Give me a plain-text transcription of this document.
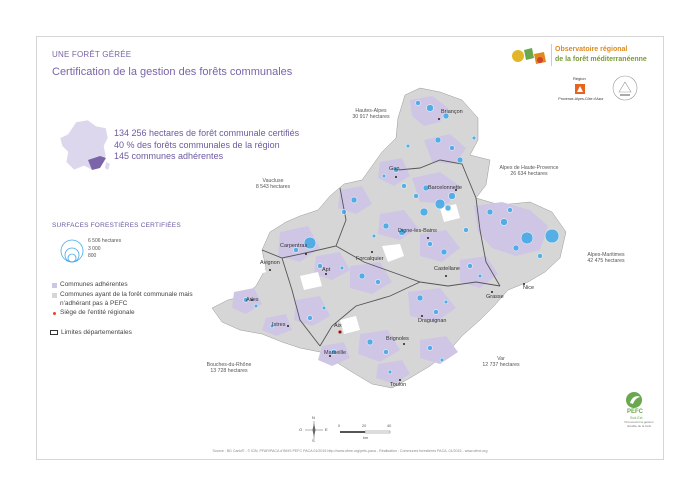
UNE FORÊT GÉRÉE
Certification de la gestion des forêts communales
134 256 hectares de forêt communale certifiés
40 % des forêts communales de la région
145 communes adhérentes
SURFACES FORESTIÈRES CERTIFIÉES
6 506 hectares
3 000
800
Communes adhérentes
Communes ayant de la forêt communale mais
n'adhérant pas à PEFC
Siège de l'entité régionale
Limites départementales
Observatoire régional
de la forêt méditerranéenne
Région
Provence-Alpes-Côte d'Azur
PEFC
Sud-Est
Promouvoir la gestion durable de la forêt
Hautes-Alpes
30 917 hectares
Alpes de Haute-Provence
26 634 hectares
Vaucluse
8 543 hectares
Alpes-Maritimes
42 475 hectares
Bouches-du-Rhône
13 728 hectares
Var
12 737 hectares
Briançon
Gap
Barcelonnette
Digne-les-Bains
Carpentras
Forcalquier
Avignon
Apt	Castellane
Grasse
Nice
Arles
Aix
Istres
Draguignan
Marseille
Brignoles
Toulon
N
S
E
O
0	20	40
km
Source : BD Carto® - © IGN, PFAR/PACA d'INHS PEFC PACA 01/2015 http://www.ofme.org/pefc-paca - Réalisation : Communes forestières PACA, 01/2015 - www.ofme.org
